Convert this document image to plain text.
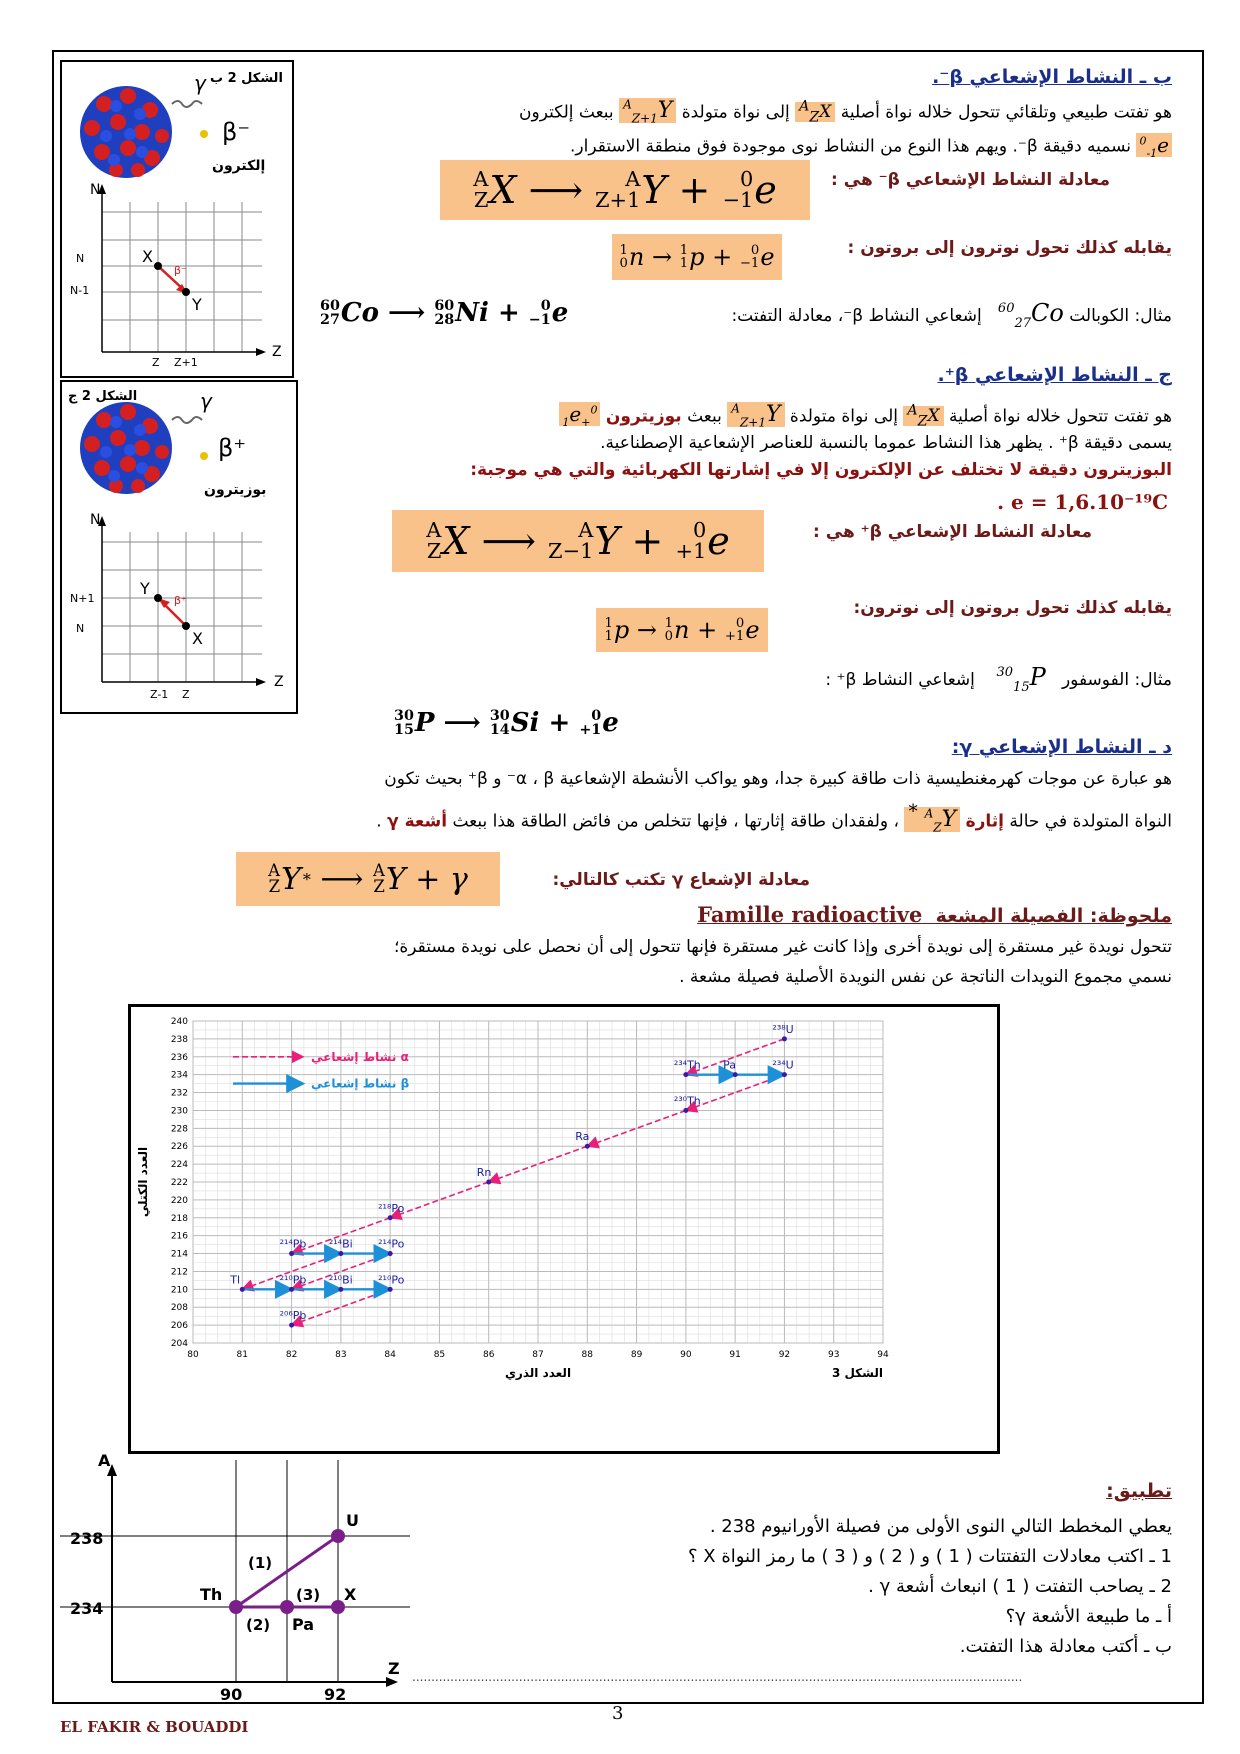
الشكل 2 ب
γ
β⁻
إلكترون
N
Z
N
N-1
Z Z+1
X
Y
β⁻
الشكل 2 ج	γ
β⁺
بوزيترون
N
Z
N+1
N
Z-1 Z
Y
X
β⁺
ب ـ النشاط الإشعاعي β⁻.
هو تفتت طبيعي وتلقائي تتحول خلاله نواة أصلية $^A_Z$X إلى نواة متولدة $^A_{Z+1}$Y ببعث إلكترون
$^0_{-1}$e نسميه دقيقة β⁻. ويهم هذا النوع من النشاط نوى موجودة فوق منطقة الاستقرار.
معادلة النشاط الإشعاعي β⁻ هي :
A
Z X ⟶	A
Z+1 Y + 0
−1 e
يقابله كذلك تحول نوترون إلى بروتون :
1
0 n → 1
1 p + 0
−1 e
مثال: الكوبالت $^{60}_{27}$Co   إشعاعي النشاط β⁻، معادلة التفتت:
60
27 Co ⟶ 60
28 Ni + 0
−1 e
ج ـ النشاط الإشعاعي β⁺.
هو تفتت تتحول خلاله نواة أصلية $^A_Z$X إلى نواة متولدة $^A_{Z+1}$Y ببعث بوزيترون $^0_{+1}$e
يسمى دقيقة β⁺ . يظهر هذا النشاط عموما بالنسبة للعناصر الإشعاعية الإصطناعية.
البوزيترون دقيقة لا تختلف عن الإلكترون إلا في إشارتها الكهربائية والتي هي موجبة:
. e = 1,6.10⁻¹⁹C
معادلة النشاط الإشعاعي β⁺ هي :
A
Z X ⟶	A
Z−1 Y + 0
+1 e
يقابله كذلك تحول بروتون إلى نوترون:
1
1 p → 1
0 n + 0
+1 e
مثال: الفوسفور   $^{30}_{15}$P    إشعاعي النشاط β⁺ :
30
15 P ⟶ 30
14 Si + 0
+1 e
د ـ النشاط الإشعاعي γ:
هو عبارة عن موجات كهرمغنطيسية ذات طاقة كبيرة جدا، وهو يواكب الأنشطة الإشعاعية α ، β⁻ و β⁺ بحيث تكون
النواة المتولدة في حالة إثارة $^A_Z$Y * ، ولفقدان طاقة إثارتها ، فإنها تتخلص من فائض الطاقة هذا ببعث أشعة γ .
معادلة الإشعاع γ تكتب كالتالي:
A
Z Y * ⟶ A
Z Y + γ
ملحوظة: الفصيلة المشعة  Famille radioactive
تتحول نويدة غير مستقرة إلى نويدة أخرى وإذا كانت غير مستقرة فإنها تتحول إلى أن نحصل على نويدة مستقرة؛
نسمي مجموع النويدات الناتجة عن نفس النويدة الأصلية فصيلة مشعة .
80	81	82	83	84	85	86	87	88	89	90	91	92	93	94
204
206
208
210
212
214
216
218
220
222
224
226
228
230
232
234
236
238
240
²³⁸U
²³⁴Th Pa	²³⁴U
²³⁰Th
Ra
Rn
²¹⁸Po
²¹⁴Pb ²¹⁴Bi ²¹⁴Po
Tl	²¹⁰Pb ²¹⁰Bi ²¹⁰Po
²⁰⁶Pb
نشاط إشعاعي α
نشاط إشعاعي β
العدد الذري
العدد الكتلي
الشكل 3
A
Z
238
234
90	92
U
Th
Pa
X
(1)
(2)
(3)
تطبيق:
يعطي المخطط التالي النوى الأولى من فصيلة الأورانيوم 238 .
1 ـ اكتب معادلات التفتتات ( 1 ) و ( 2 ) و ( 3 ) ما رمز النواة X ؟
2 ـ يصاحب التفتت ( 1 ) انبعاث أشعة γ .
أ ـ ما طبيعة الأشعة γ؟
ب ـ أكتب معادلة هذا التفتت.
................................................................................................................................................................
EL FAKIR & BOUADDI
3
